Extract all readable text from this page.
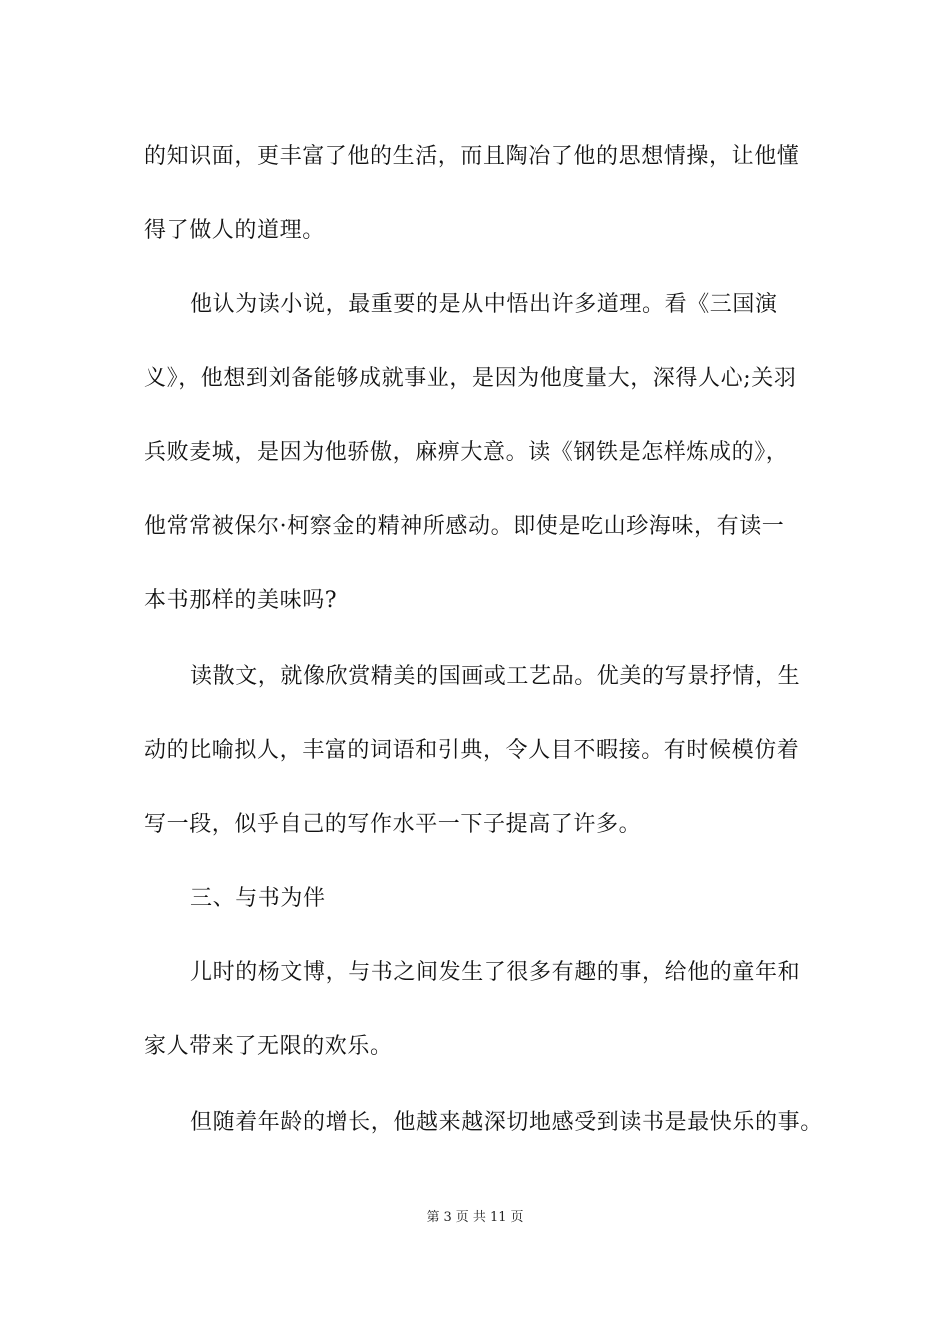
的知识面，更丰富了他的生活，而且陶冶了他的思想情操，让他懂
得了做人的道理。
他认为读小说，最重要的是从中悟出许多道理。看《三国演
义》，他想到刘备能够成就事业，是因为他度量大，深得人心;关羽
兵败麦城，是因为他骄傲，麻痹大意。读《钢铁是怎样炼成的》，
他常常被保尔·柯察金的精神所感动。即使是吃山珍海味，有读一
本书那样的美味吗?
读散文，就像欣赏精美的国画或工艺品。优美的写景抒情，生
动的比喻拟人，丰富的词语和引典，令人目不暇接。有时候模仿着
写一段，似乎自己的写作水平一下子提高了许多。
三、与书为伴
儿时的杨文博，与书之间发生了很多有趣的事，给他的童年和
家人带来了无限的欢乐。
但随着年龄的增长，他越来越深切地感受到读书是最快乐的事。
第 3 页 共 11 页
